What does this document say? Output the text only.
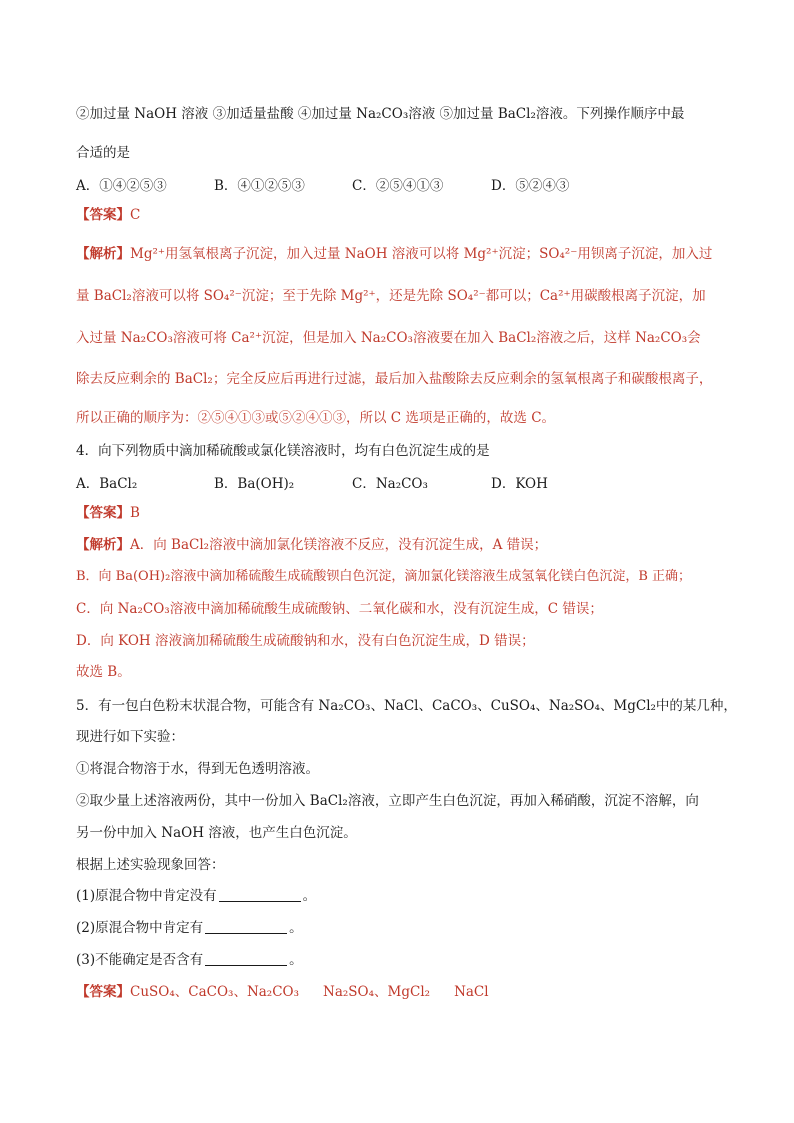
②加过量 NaOH 溶液 ③加适量盐酸 ④加过量 Na₂CO₃溶液 ⑤加过量 BaCl₂溶液。下列操作顺序中最
合适的是
A．①④②⑤③	B．④①②⑤③	C．②⑤④①③	D．⑤②④③
【答案】C
【解析】Mg²⁺用氢氧根离子沉淀，加入过量 NaOH 溶液可以将 Mg²⁺沉淀；SO₄²⁻用钡离子沉淀，加入过
量 BaCl₂溶液可以将 SO₄²⁻沉淀；至于先除 Mg²⁺，还是先除 SO₄²⁻都可以；Ca²⁺用碳酸根离子沉淀，加
入过量 Na₂CO₃溶液可将 Ca²⁺沉淀，但是加入 Na₂CO₃溶液要在加入 BaCl₂溶液之后，这样 Na₂CO₃会
除去反应剩余的 BaCl₂；完全反应后再进行过滤，最后加入盐酸除去反应剩余的氢氧根离子和碳酸根离子，
所以正确的顺序为：②⑤④①③或⑤②④①③，所以 C 选项是正确的，故选 C。
4．向下列物质中滴加稀硫酸或氯化镁溶液时，均有白色沉淀生成的是
A．BaCl₂	B．Ba(OH)₂	C．Na₂CO₃	D．KOH
【答案】B
【解析】A．向 BaCl₂溶液中滴加氯化镁溶液不反应，没有沉淀生成，A 错误；
B．向 Ba(OH)₂溶液中滴加稀硫酸生成硫酸钡白色沉淀，滴加氯化镁溶液生成氢氧化镁白色沉淀，B 正确；
C．向 Na₂CO₃溶液中滴加稀硫酸生成硫酸钠、二氧化碳和水，没有沉淀生成，C 错误；
D．向 KOH 溶液滴加稀硫酸生成硫酸钠和水，没有白色沉淀生成，D 错误；
故选 B。
5．有一包白色粉末状混合物，可能含有 Na₂CO₃、NaCl、CaCO₃、CuSO₄、Na₂SO₄、MgCl₂中的某几种，
现进行如下实验：
①将混合物溶于水，得到无色透明溶液。
②取少量上述溶液两份，其中一份加入 BaCl₂溶液，立即产生白色沉淀，再加入稀硝酸，沉淀不溶解，向
另一份中加入 NaOH 溶液，也产生白色沉淀。
根据上述实验现象回答：
(1)原混合物中肯定没有	。
(2)原混合物中肯定有	。
(3)不能确定是否含有	。
【答案】CuSO₄、CaCO₃、Na₂CO₃ Na₂SO₄、MgCl₂ NaCl
